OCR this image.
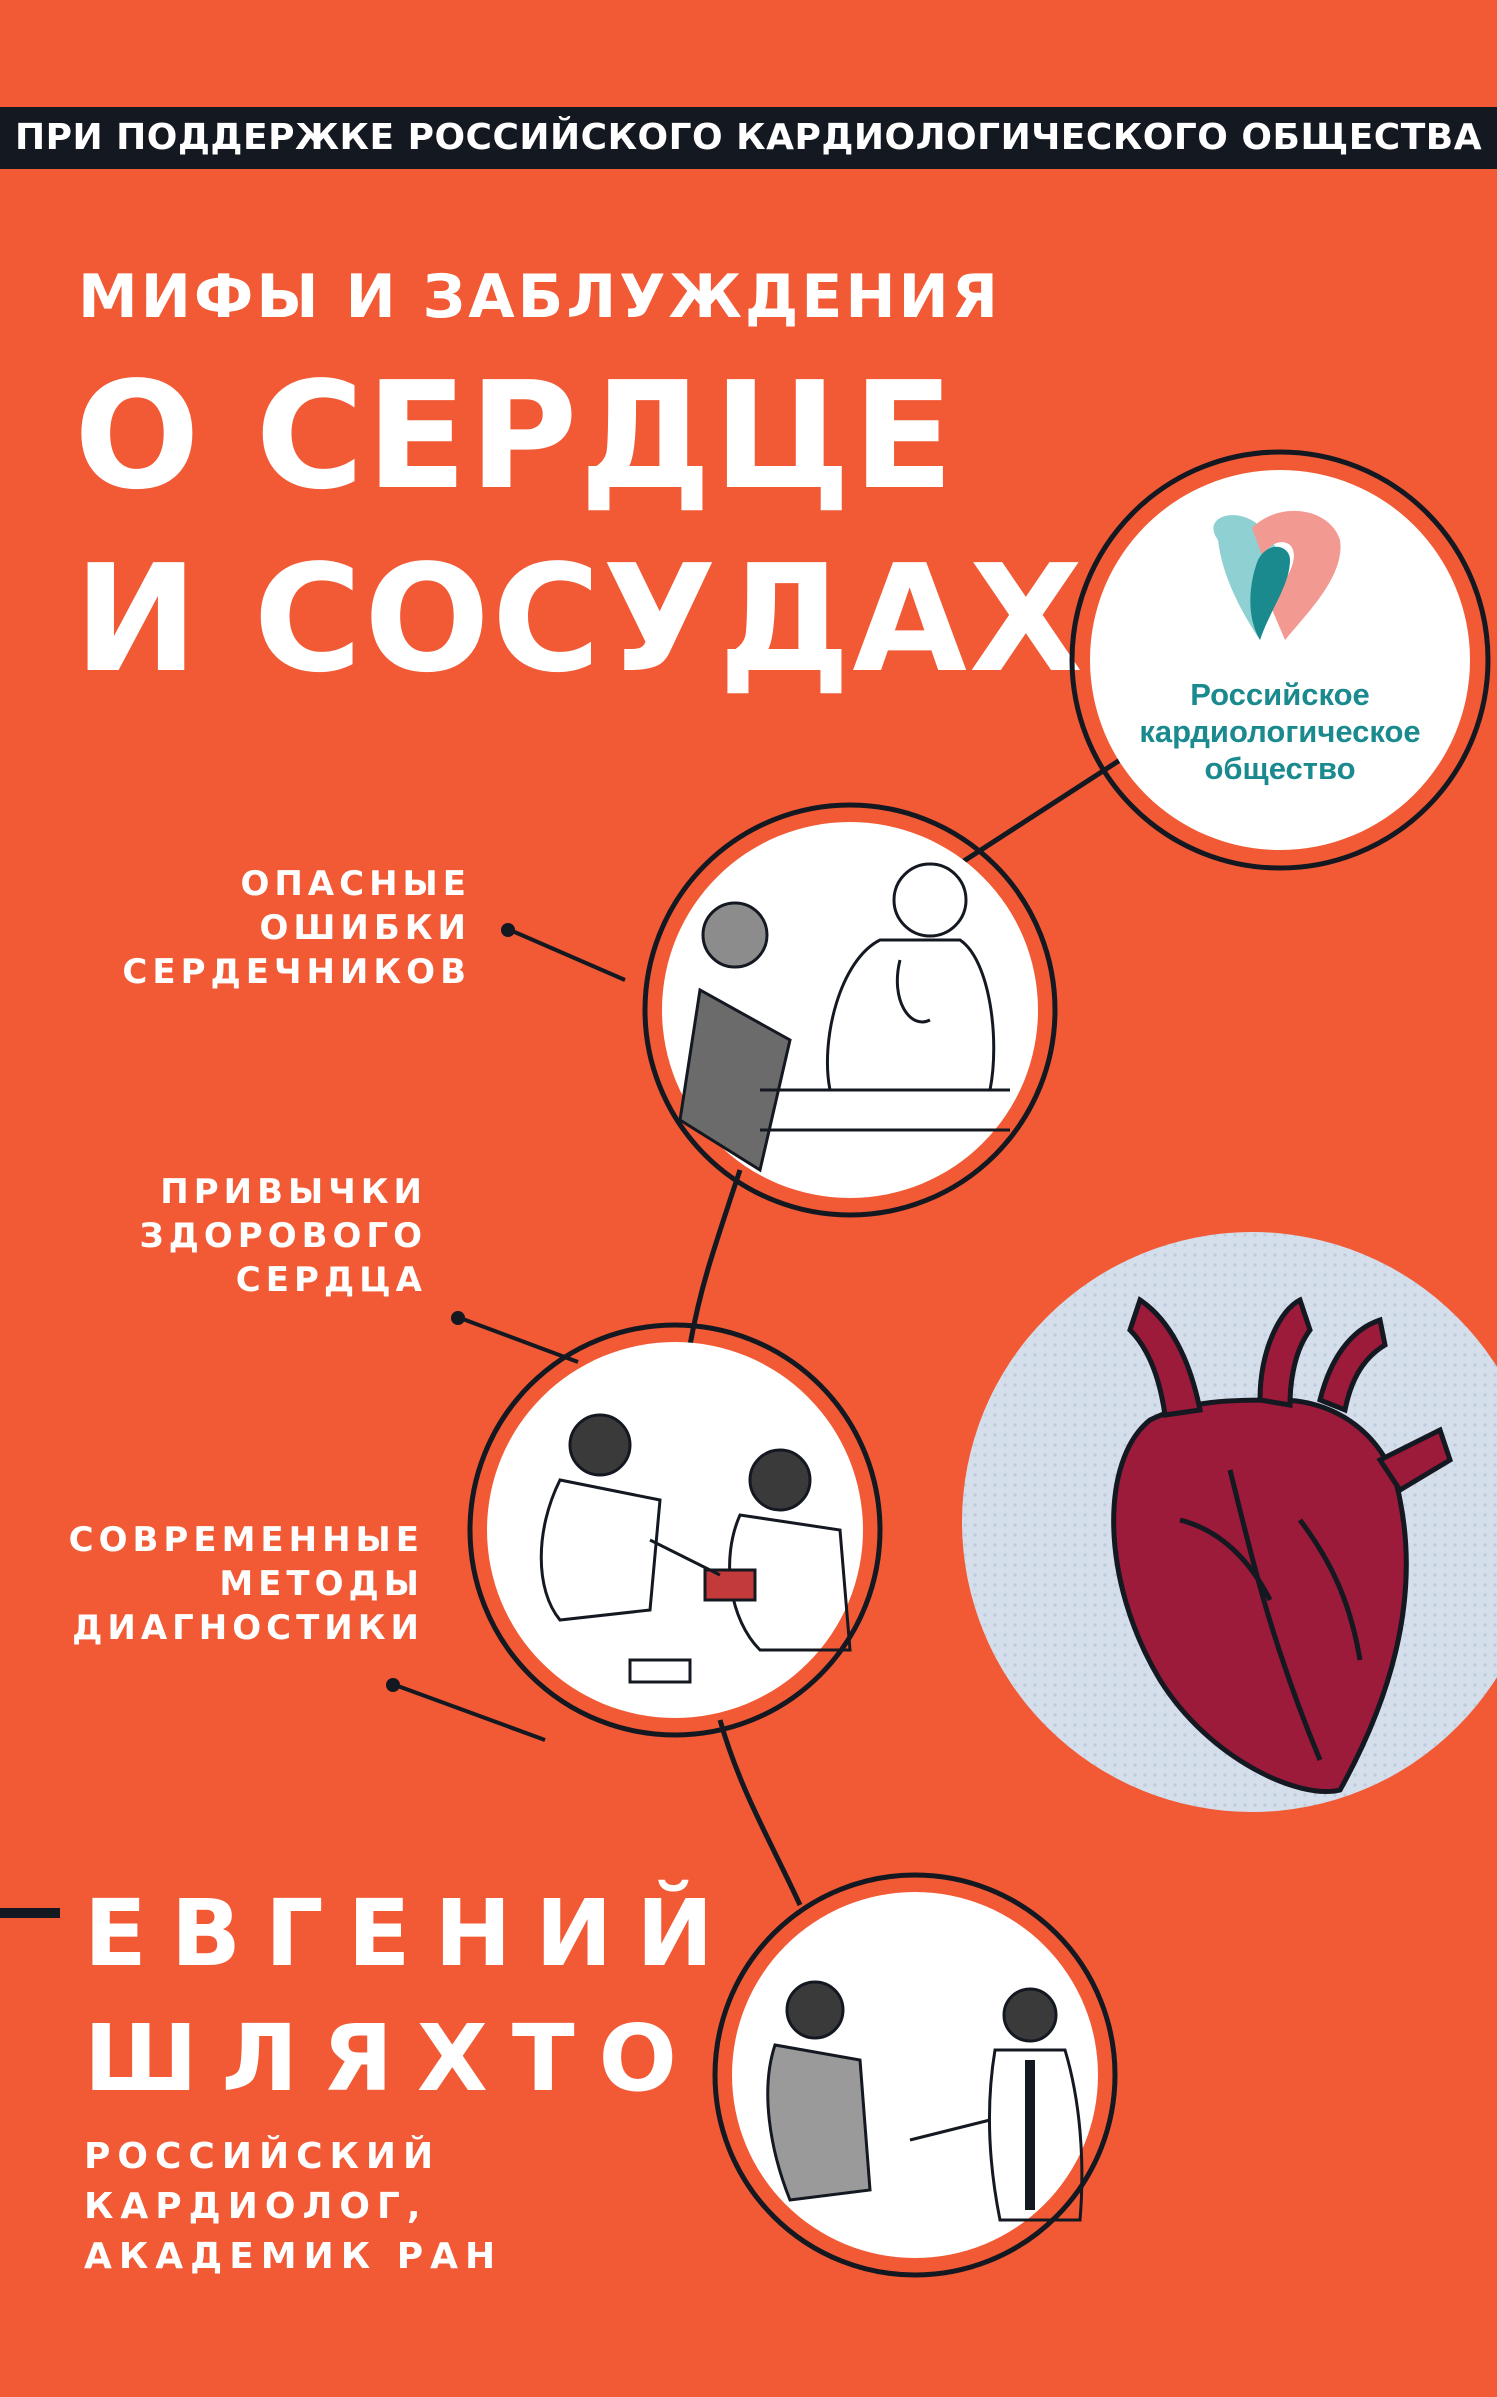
ПРИ ПОДДЕРЖКЕ РОССИЙСКОГО КАРДИОЛОГИЧЕСКОГО ОБЩЕСТВА
МИФЫ И ЗАБЛУЖДЕНИЯ
О СЕРДЦЕ
И СОСУДАХ	Российское
кардиологическое
общество
ОПАСНЫЕ
ОШИБКИ
СЕРДЕЧНИКОВ
ПРИВЫЧКИ
ЗДОРОВОГО
СЕРДЦА
СОВРЕМЕННЫЕ
МЕТОДЫ
ДИАГНОСТИКИ
ЕВГЕНИЙ
ШЛЯХТО
РОССИЙСКИЙ
КАРДИОЛОГ,
АКАДЕМИК РАН
